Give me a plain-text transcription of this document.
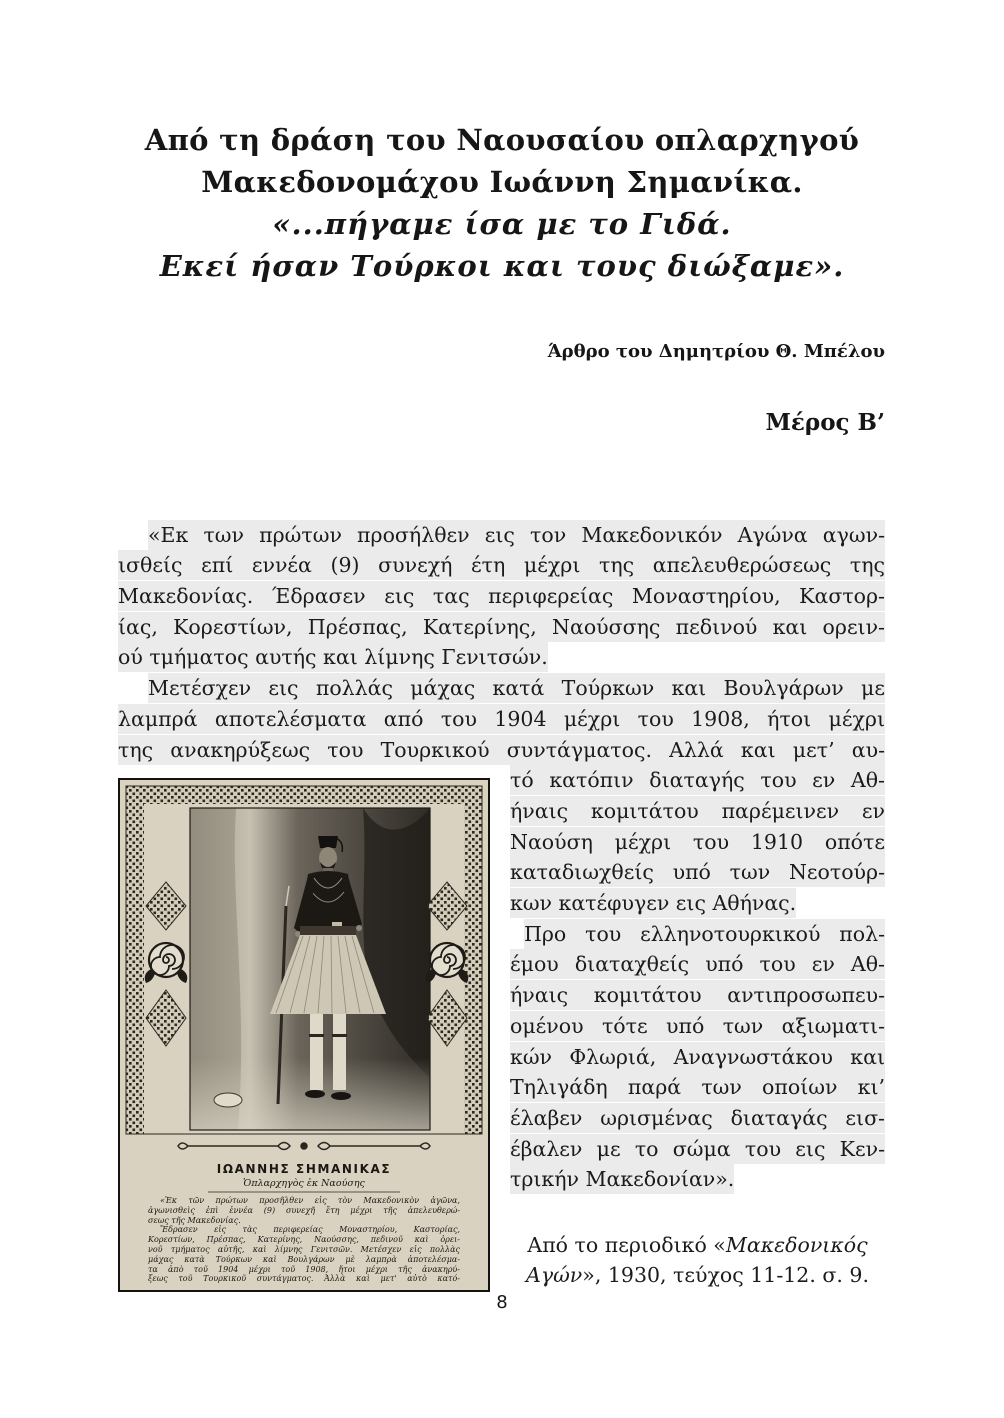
Από τη δράση του Ναουσαίου οπλαρχηγού
Μακεδονομάχου Ιωάννη Σημανίκα.
«...πήγαμε ίσα με το Γιδά.
Εκεί ήσαν Τούρκοι και τους διώξαμε».
Άρθρο του Δημητρίου Θ. Μπέλου
Μέρος Β’
«Εκ των πρώτων προσήλθεν εις τον Μακεδονικόν Αγώνα αγων-
ισθείς επί εννέα (9) συνεχή έτη μέχρι της απελευθερώσεως της
Μακεδονίας. Έδρασεν εις τας περιφερείας Μοναστηρίου, Καστορ-
ίας, Κορεστίων, Πρέσπας, Κατερίνης, Ναούσσης πεδινού και ορειν-
ού τμήματος αυτής και λίμνης Γενιτσών.
Μετέσχεν εις πολλάς μάχας κατά Τούρκων και Βουλγάρων με
λαμπρά αποτελέσματα από του 1904 μέχρι του 1908, ήτοι μέχρι
της ανακηρύξεως του Τουρκικού συντάγματος. Αλλά και μετ’ αυ-
τό κατόπιν διαταγής του εν Αθ-
ήναις κομιτάτου παρέμεινεν εν
Ναούση μέχρι του 1910 οπότε
καταδιωχθείς υπό των Νεοτούρ-
κων κατέφυγεν εις Αθήνας.
Προ του ελληνοτουρκικού πολ-
έμου διαταχθείς υπό του εν Αθ-
ήναις κομιτάτου αντιπροσωπευ-
ομένου τότε υπό των αξιωματι-
κών Φλωριά, Αναγνωστάκου και
Τηλιγάδη παρά των οποίων κι’
έλαβεν ωρισμένας διαταγάς εισ-
έβαλεν με το σώμα του εις Κεν-
τρικήν Μακεδονίαν».
ΙΩΑΝΝΗΣ ΣΗΜΑΝΙΚΑΣ
Ὁπλαρχηγὸς ἐκ Ναούσης
«Ἐκ τῶν πρώτων προσῆλθεν εἰς τὸν Μακεδονικὸν ἀγῶνα,
ἀγωνισθεὶς ἐπὶ ἐννέα (9) συνεχῆ ἔτη μέχρι τῆς ἀπελευθερώ-
σεως τῆς Μακεδονίας.
Ἔδρασεν εἰς τὰς περιφερείας Μοναστηρίου, Καστορίας,
Κορεστίων, Πρέσπας, Κατερίνης, Ναούσσης, πεδινοῦ καὶ ὀρει-
νοῦ τμήματος αὐτῆς, καὶ λίμνης Γενιτσῶν. Μετέσχεν εἰς πολλὰς
μάχας κατὰ Τούρκων καὶ Βουλγάρων μὲ λαμπρὰ ἀποτελέσμα-
τα ἀπὸ τοῦ 1904 μέχρι τοῦ 1908, ἤτοι μέχρι τῆς ἀνακηρύ-
ξεως τοῦ Τουρκικοῦ συντάγματος. Ἀλλὰ καὶ μετ' αὐτὸ κατό-
Από το περιοδικό «Μακεδονικός
Αγών», 1930, τεύχος 11-12. σ. 9.
8
